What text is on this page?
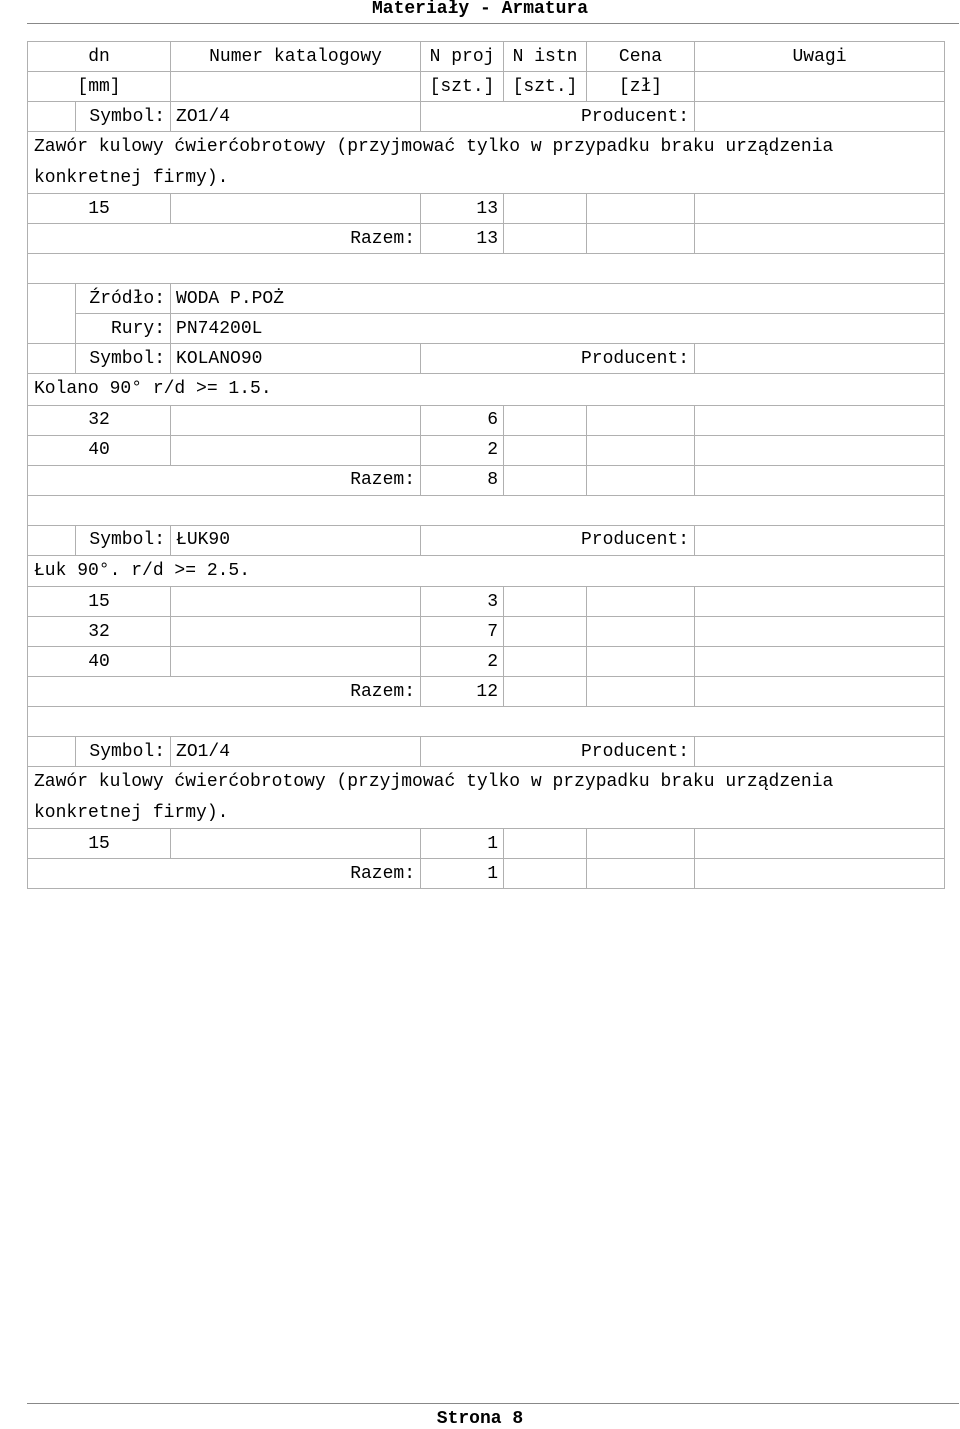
Materiały - Armatura
dn		Numer katalogowy	N proj	N istn	Cena	Uwagi
[mm]			[szt.]	[szt.]	[zł]	
	Symbol:	ZO1/4	Producent:			
Zawór kulowy ćwierćobrotowy (przyjmować tylko w przypadku braku urządzenia konkretnej firmy).						
15			13			
Razem:			13			

	Źródło:	WODA P.POŻ				
	Rury:	PN74200L				
	Symbol:	KOLANO90	Producent:			
Kolano 90° r/d >= 1.5.						
32			6			
40			2			
Razem:			8			

	Symbol:	ŁUK90	Producent:			
Łuk 90°. r/d >= 2.5.						
15			3			
32			7			
40			2			
Razem:			12			

	Symbol:	ZO1/4	Producent:			
Zawór kulowy ćwierćobrotowy (przyjmować tylko w przypadku braku urządzenia konkretnej firmy).						
15			1			
Razem:			1			
Strona 8
